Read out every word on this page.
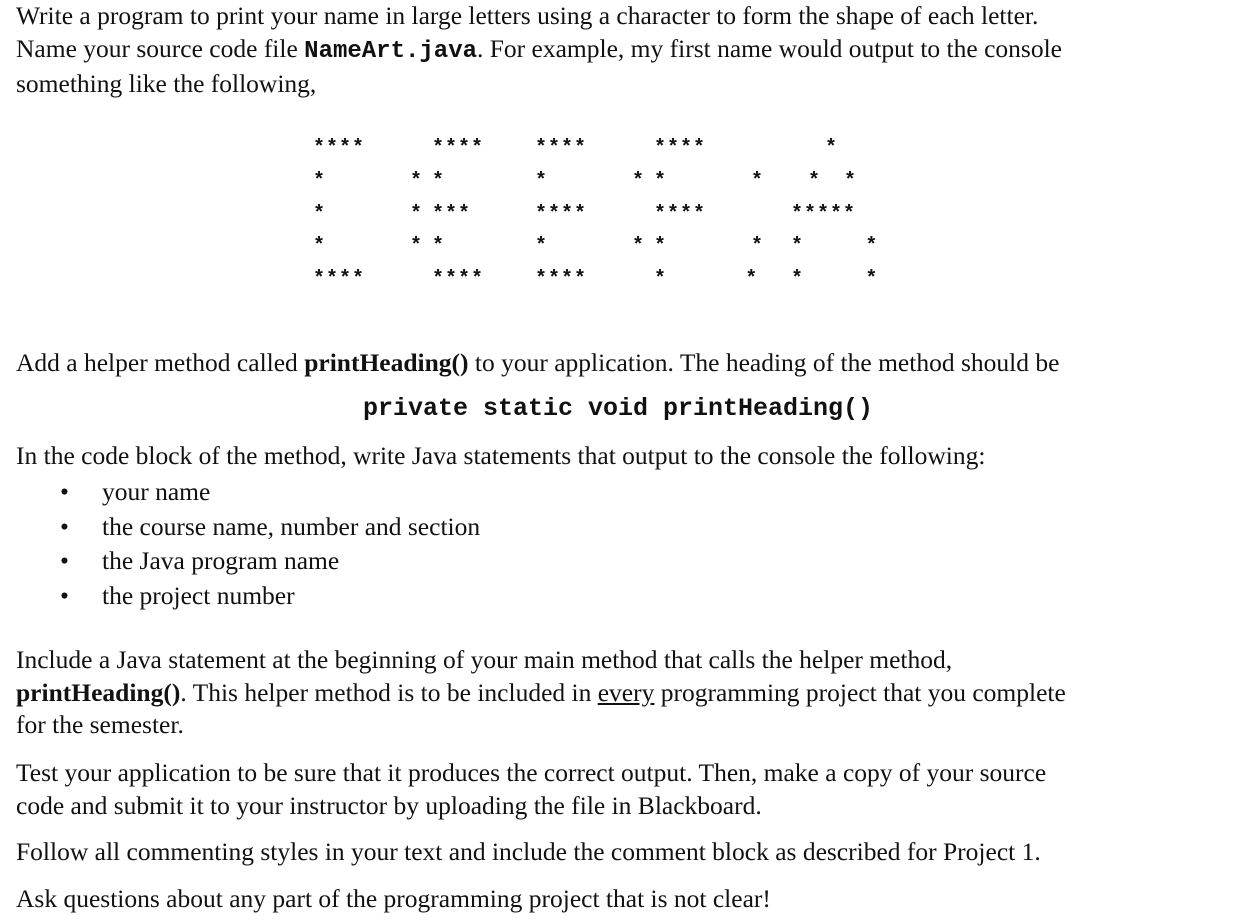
Write a program to print your name in large letters using a character to form the shape of each letter.

Name your source code file NameArt.java. For example, my first name would output to the console

something like the following,

****	****	****	****	*
*    * *	*    * *    * * *
*    * ***	****	****	*****
*    * *	*    * *    * *     *
****	****	****	*       * *     *

Add a helper method called printHeading() to your application. The heading of the method should be

private static void printHeading()

In the code block of the method, write Java statements that output to the console the following:

• your name
• the course name, number and section
• the Java program name
• the project number

Include a Java statement at the beginning of your main method that calls the helper method,

printHeading(). This helper method is to be included in every programming project that you complete

for the semester.

Test your application to be sure that it produces the correct output. Then, make a copy of your source

code and submit it to your instructor by uploading the file in Blackboard.

Follow all commenting styles in your text and include the comment block as described for Project 1.

Ask questions about any part of the programming project that is not clear!
